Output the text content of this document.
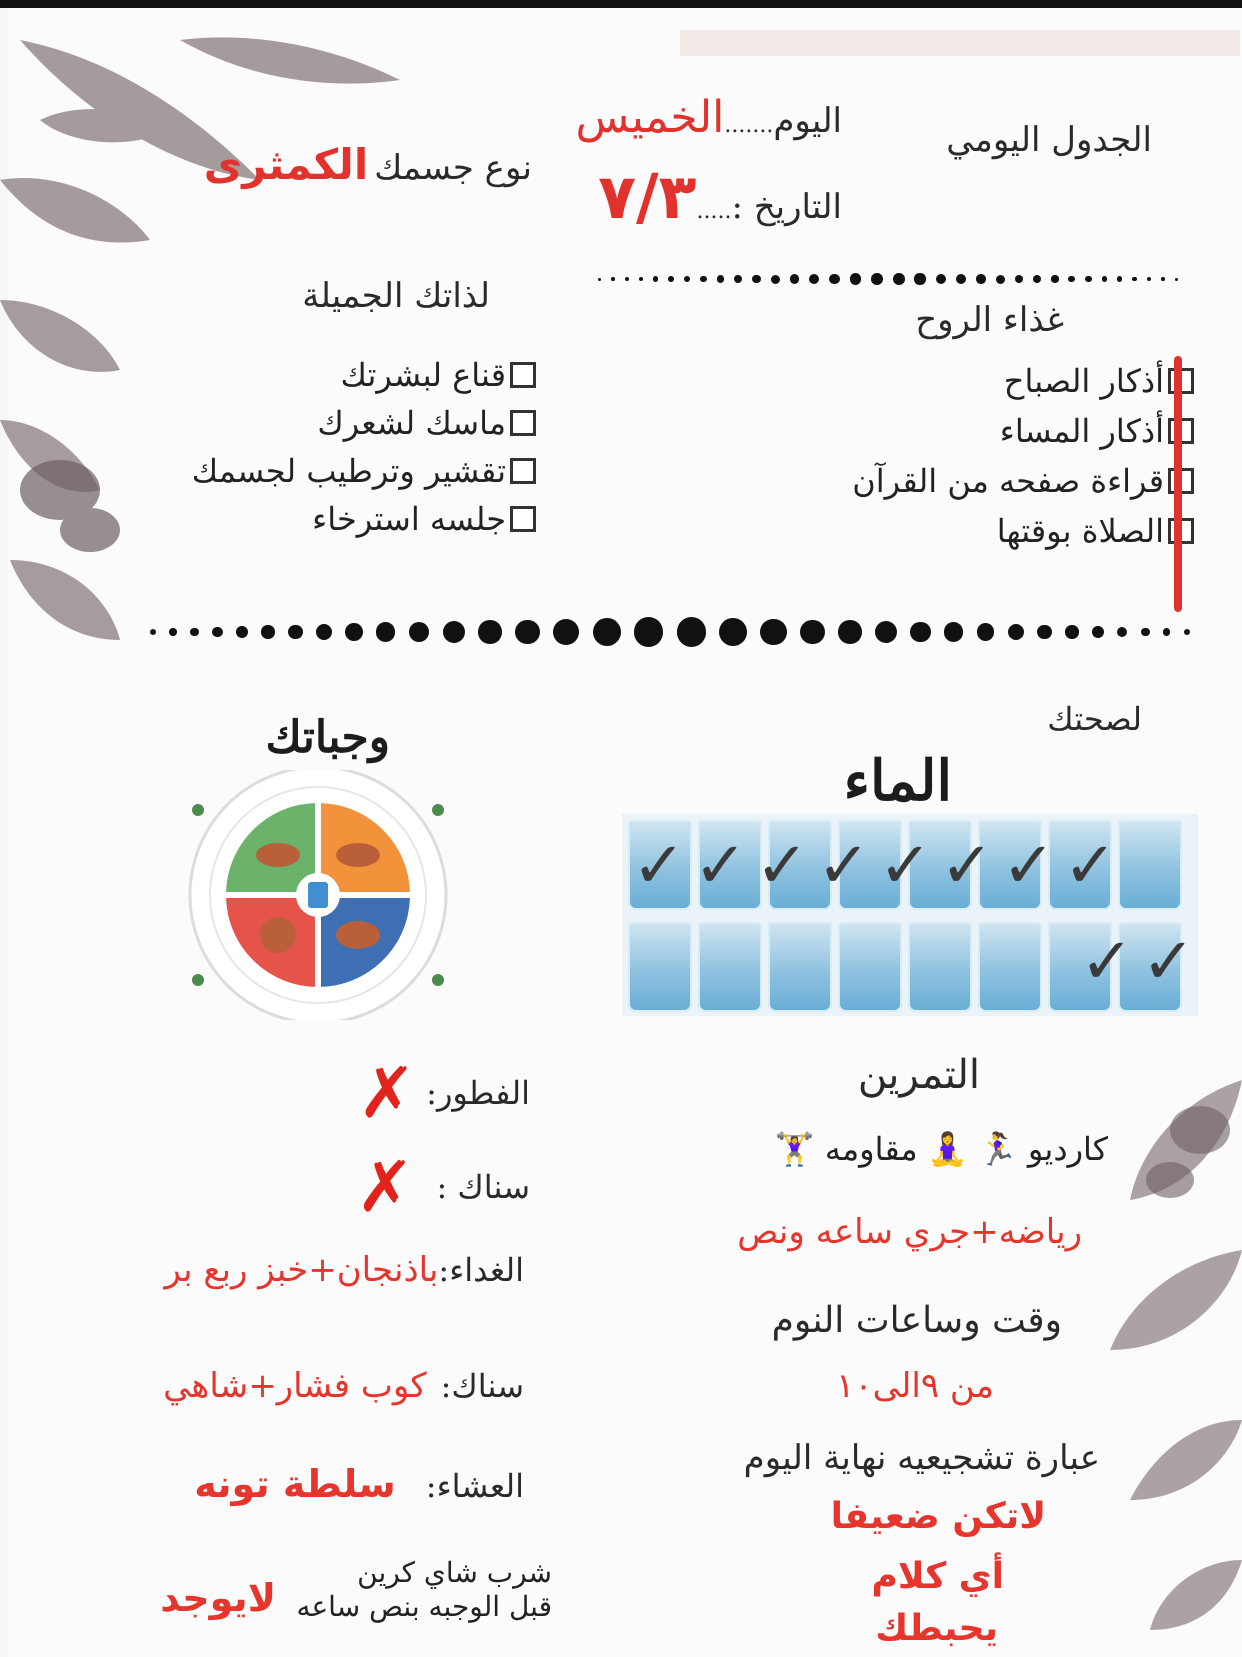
الجدول اليومي
اليوم
.......
الخميس
التاريخ :
.....
٧/٣
نوع جسمك
الكمثرى
غذاء الروح
أذكار الصباح
أذكار المساء
قراءة صفحه من القرآن
الصلاة بوقتها
لذاتك الجميلة
قناع لبشرتك
ماسك لشعرك
تقشير وترطيب لجسمك
جلسه استرخاء
لصحتك
الماء
✓ ✓ ✓ ✓ ✓ ✓ ✓ ✓
✓ ✓
وجباتك
الفطور:
✗
سناك :
✗
الغداء:
باذنجان+خبز ربع بر
سناك:
كوب فشار+شاهي
العشاء:
سلطة تونه
شرب شاي كرين
قبل الوجبه بنص ساعه
لايوجد
التمرين
كارديو 🏃‍♀️ 🧘‍♀️ مقاومه 🏋️‍♀️
رياضه+جري ساعه ونص
وقت وساعات النوم
من ٩الى١٠
عبارة تشجيعيه نهاية اليوم
لاتكن ضعيفا
أي كلام
يحبطك
